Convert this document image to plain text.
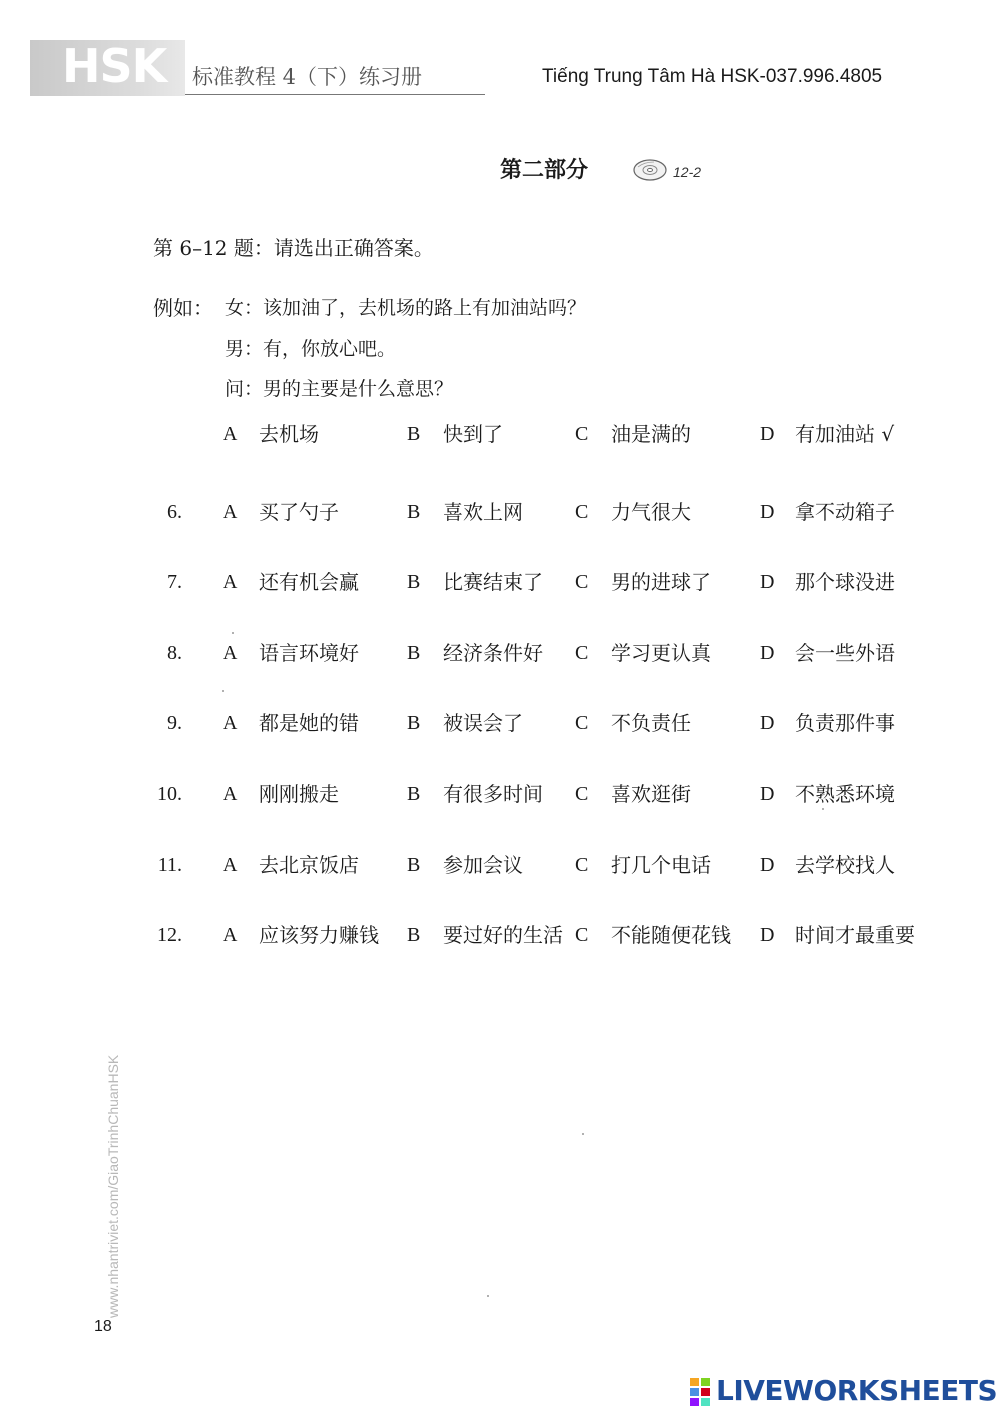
HSK 标准教程 4（下）练习册	Tiếng Trung Tâm Hà HSK-037.996.4805
第二部分	12-2
第 6–12 题：请选出正确答案。
例如： 女：该加油了，去机场的路上有加油站吗？
男：有，你放心吧。
问：男的主要是什么意思？
A 去机场	B 快到了	C 油是满的	D 有加油站 √
6. A 买了勺子	B 喜欢上网	C 力气很大	D 拿不动箱子
7. A 还有机会赢 B 比赛结束了 C 男的进球了 D 那个球没进
8. A 语言环境好 B 经济条件好 C 学习更认真 D 会一些外语
9. A 都是她的错 B 被误会了	C 不负责任	D 负责那件事
10. A 刚刚搬走	B 有很多时间 C 喜欢逛街	D 不熟悉环境
11. A 去北京饭店 B 参加会议	C 打几个电话 D 去学校找人
12. A 应该努力赚钱 B 要过好的生活 C 不能随便花钱 D 时间才最重要
www.nhantriviet.com/GiaoTrinhChuanHSK
18
LIVEWORKSHEETS
